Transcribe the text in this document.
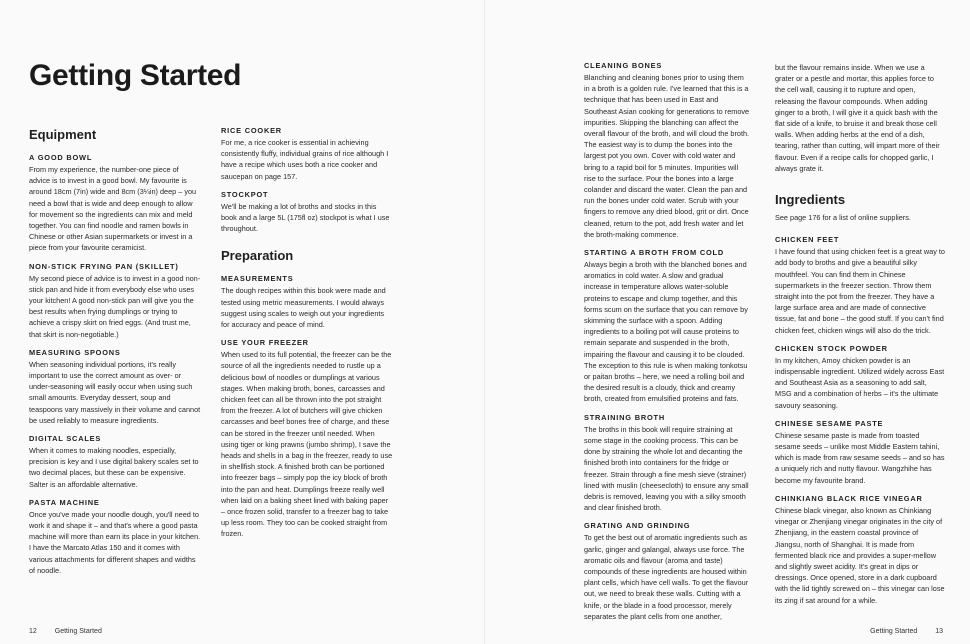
Getting Started
Equipment
A GOOD BOWL

From my experience, the number-one piece of advice is to invest in a good bowl. My favourite is around 18cm (7in) wide and 8cm (3¼in) deep – you need a bowl that is wide and deep enough to allow for movement so the ingredients can mix and meld together. You can find noodle and ramen bowls in Chinese or other Asian supermarkets or invest in a piece from your favourite ceramicist.

NON-STICK FRYING PAN (SKILLET)

My second piece of advice is to invest in a good non-stick pan and hide it from everybody else who uses your kitchen! A good non-stick pan will give you the best results when frying dumplings or trying to achieve a crispy skirt on fried eggs. (And trust me, that skirt is non-negotiable.)

MEASURING SPOONS

When seasoning individual portions, it's really important to use the correct amount as over- or under-seasoning will easily occur when using such small amounts. Everyday dessert, soup and teaspoons vary massively in their volume and cannot be used reliably to measure ingredients.

DIGITAL SCALES

When it comes to making noodles, especially, precision is key and I use digital bakery scales set to two decimal places, but these can be expensive. Salter is an affordable alternative.

PASTA MACHINE

Once you've made your noodle dough, you'll need to work it and shape it – and that's where a good pasta machine will more than earn its place in your kitchen. I have the Marcato Atlas 150 and it comes with various attachments for different shapes and widths of noodle.

RICE COOKER

For me, a rice cooker is essential in achieving consistently fluffy, individual grains of rice although I have a recipe which uses both a rice cooker and saucepan on page 157.

STOCKPOT

We'll be making a lot of broths and stocks in this book and a large 5L (175fl oz) stockpot is what I use throughout.

Preparation
MEASUREMENTS

The dough recipes within this book were made and tested using metric measurements. I would always suggest using scales to weigh out your ingredients for accuracy and peace of mind.

USE YOUR FREEZER

When used to its full potential, the freezer can be the source of all the ingredients needed to rustle up a delicious bowl of noodles or dumplings at various stages. When making broth, bones, carcasses and chicken feet can all be thrown into the pot straight from the freezer. A lot of butchers will give chicken carcasses and beef bones free of charge, and these can be stored in the freezer until needed. When using tiger or king prawns (jumbo shrimp), I save the heads and shells in a bag in the freezer, ready to use in shellfish stock. A finished broth can be portioned into freezer bags – simply pop the icy block of broth into the pan and heat. Dumplings freeze really well when laid on a baking sheet lined with baking paper – once frozen solid, transfer to a freezer bag to take up less room. They too can be cooked straight from frozen.

12	Getting Started
CLEANING BONES

Blanching and cleaning bones prior to using them in a broth is a golden rule. I've learned that this is a technique that has been used in East and Southeast Asian cooking for generations to remove impurities. Skipping the blanching can affect the overall flavour of the broth, and will cloud the broth. The easiest way is to dump the bones into the largest pot you own. Cover with cold water and bring to a rapid boil for 5 minutes. Impurities will rise to the surface. Pour the bones into a large colander and discard the water. Clean the pan and run the bones under cold water. Scrub with your fingers to remove any dried blood, grit or dirt. Once cleaned, return to the pot, add fresh water and let the broth-making commence.

STARTING A BROTH FROM COLD

Always begin a broth with the blanched bones and aromatics in cold water. A slow and gradual increase in temperature allows water-soluble proteins to escape and clump together, and this forms scum on the surface that you can remove by skimming the surface with a spoon. Adding ingredients to a boiling pot will cause proteins to remain separate and suspended in the broth, impairing the flavour and causing it to be clouded. The exception to this rule is when making tonkotsu or paitan broths – here, we need a rolling boil and the desired result is a cloudy, thick and creamy broth, created from emulsified proteins and fats.

STRAINING BROTH

The broths in this book will require straining at some stage in the cooking process. This can be done by straining the whole lot and decanting the finished broth into containers for the fridge or freezer. Strain through a fine mesh sieve (strainer) lined with muslin (cheesecloth) to ensure any small debris is removed, leaving you with a silky smooth and clear finished broth.

GRATING AND GRINDING

To get the best out of aromatic ingredients such as garlic, ginger and galangal, always use force. The aromatic oils and flavour (aroma and taste) compounds of these ingredients are housed within plant cells, which have cell walls. To get the flavour out, we need to break these walls. Cutting with a knife, or the blade in a food processor, merely separates the plant cells from one another,

but the flavour remains inside. When we use a grater or a pestle and mortar, this applies force to the cell wall, causing it to rupture and open, releasing the flavour compounds. When adding ginger to a broth, I will give it a quick bash with the flat side of a knife, to bruise it and break those cell walls. When adding herbs at the end of a dish, tearing, rather than cutting, will impart more of their flavour. Even if a recipe calls for chopped garlic, I always grate it.

Ingredients

See page 176 for a list of online suppliers.

CHICKEN FEET

I have found that using chicken feet is a great way to add body to broths and give a beautiful silky mouthfeel. You can find them in Chinese supermarkets in the freezer section. Throw them straight into the pot from the freezer. They have a large surface area and are made of connective tissue, fat and bone – the good stuff. If you can't find chicken feet, chicken wings will also do the trick.

CHICKEN STOCK POWDER

In my kitchen, Amoy chicken powder is an indispensable ingredient. Utilized widely across East and Southeast Asia as a seasoning to add salt, MSG and a combination of herbs – it's the ultimate savoury seasoning.

CHINESE SESAME PASTE

Chinese sesame paste is made from toasted sesame seeds – unlike most Middle Eastern tahini, which is made from raw sesame seeds – and so has a uniquely rich and nutty flavour. Wangzhihe has become my favourite brand.

CHINKIANG BLACK RICE VINEGAR

Chinese black vinegar, also known as Chinkiang vinegar or Zhenjiang vinegar originates in the city of Zhenjiang, in the eastern coastal province of Jiangsu, north of Shanghai. It is made from fermented black rice and provides a super-mellow and slightly sweet acidity. It's great in dips or dressings. Once opened, store in a dark cupboard with the lid tightly screwed on – this vinegar can lose its zing if sat around for a while.

Getting Started	13
